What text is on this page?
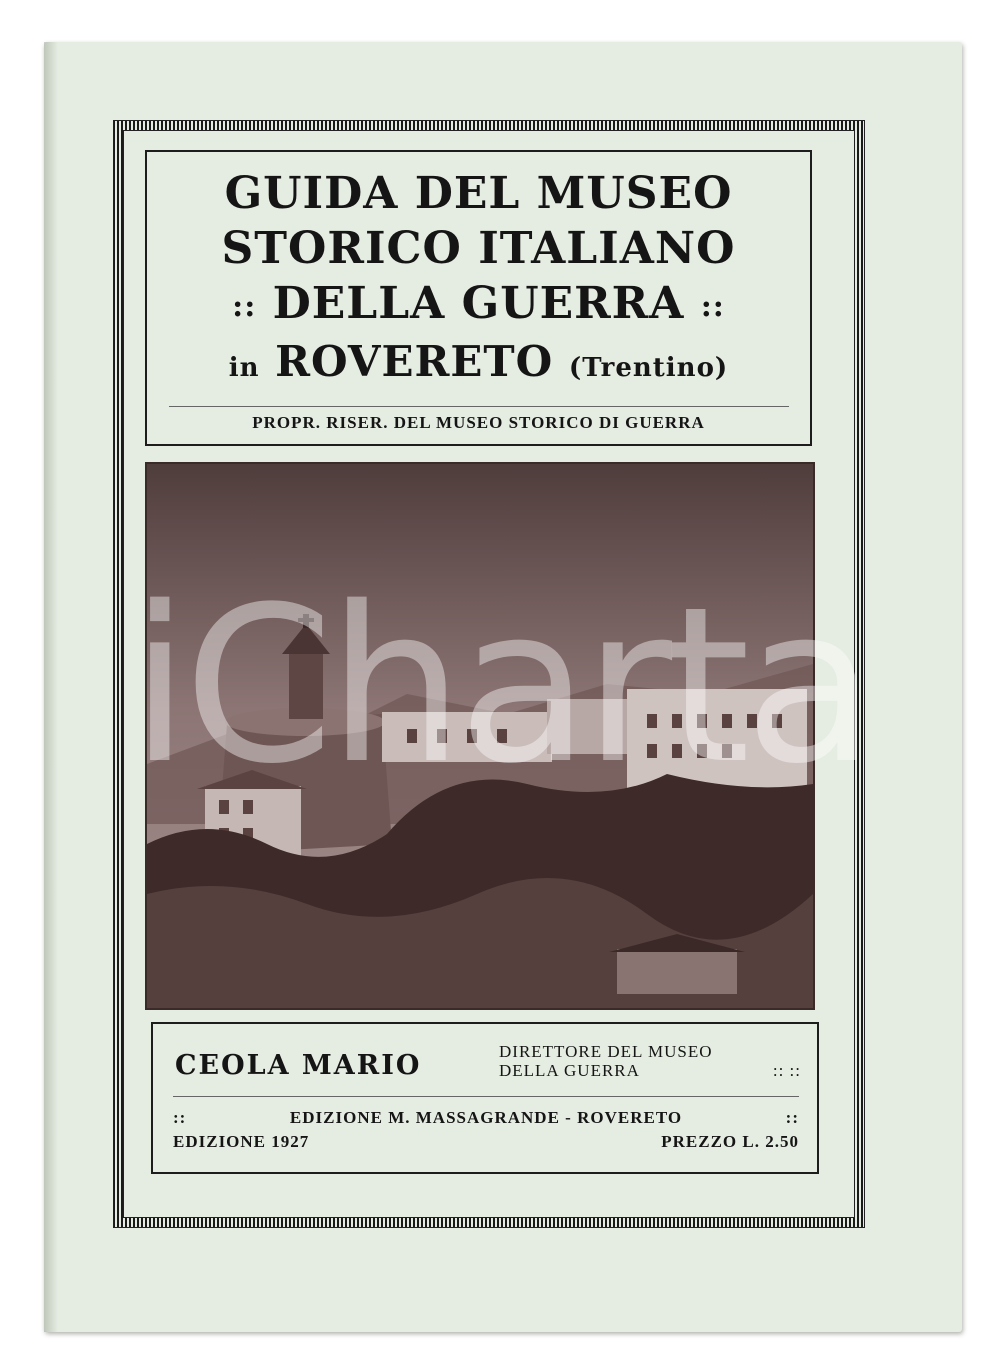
GUIDA DEL MUSEO
STORICO ITALIANO
:: DELLA GUERRA ::
in ROVERETO (Trentino)
PROPR. RISER. DEL MUSEO STORICO DI GUERRA
iCharta
CEOLA MARIO	DIRETTORE DEL MUSEO
DELLA GUERRA	:: ::
::	EDIZIONE M. MASSAGRANDE - ROVERETO	::
EDIZIONE 1927	PREZZO L. 2.50
